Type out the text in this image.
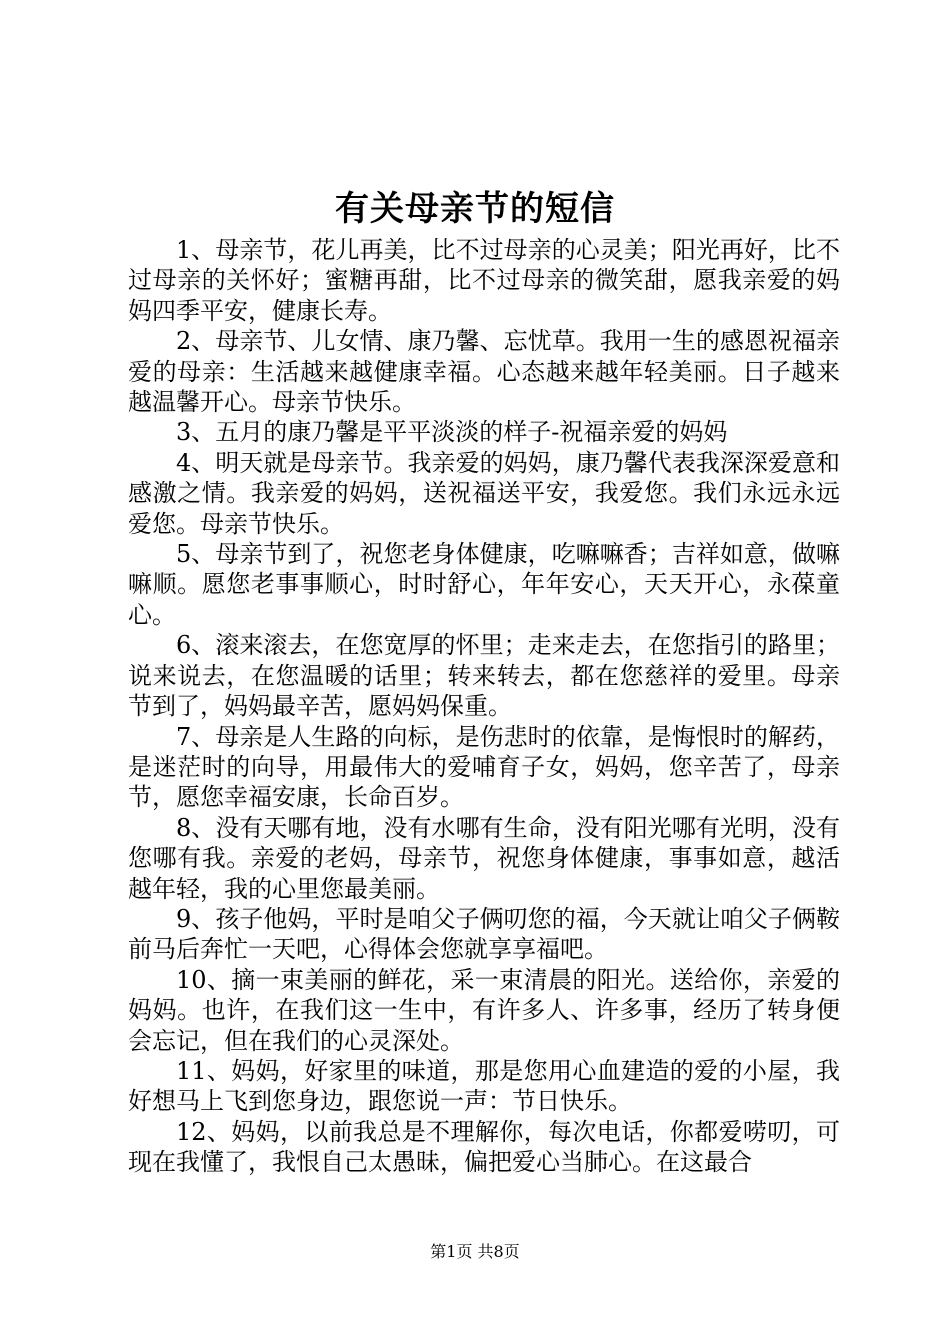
有关母亲节的短信

1、母亲节，花儿再美，比不过母亲的心灵美；阳光再好，比不过母亲的关怀好；蜜糖再甜，比不过母亲的微笑甜，愿我亲爱的妈妈四季平安，健康长寿。

2、母亲节、儿女情、康乃馨、忘忧草。我用一生的感恩祝福亲爱的母亲：生活越来越健康幸福。心态越来越年轻美丽。日子越来越温馨开心。母亲节快乐。

3、五月的康乃馨是平平淡淡的样子-祝福亲爱的妈妈

4、明天就是母亲节。我亲爱的妈妈，康乃馨代表我深深爱意和感激之情。我亲爱的妈妈，送祝福送平安，我爱您。我们永远永远爱您。母亲节快乐。

5、母亲节到了，祝您老身体健康，吃嘛嘛香；吉祥如意，做嘛嘛顺。愿您老事事顺心，时时舒心，年年安心，天天开心，永葆童心。

6、滚来滚去，在您宽厚的怀里；走来走去，在您指引的路里；说来说去，在您温暖的话里；转来转去，都在您慈祥的爱里。母亲节到了，妈妈最辛苦，愿妈妈保重。

7、母亲是人生路的向标，是伤悲时的依靠，是悔恨时的解药，是迷茫时的向导，用最伟大的爱哺育子女，妈妈，您辛苦了，母亲节，愿您幸福安康，长命百岁。

8、没有天哪有地，没有水哪有生命，没有阳光哪有光明，没有您哪有我。亲爱的老妈，母亲节，祝您身体健康，事事如意，越活越年轻，我的心里您最美丽。

9、孩子他妈，平时是咱父子俩叨您的福，今天就让咱父子俩鞍前马后奔忙一天吧，心得体会您就享享福吧。

10、摘一束美丽的鲜花，采一束清晨的阳光。送给你，亲爱的妈妈。也许，在我们这一生中，有许多人、许多事，经历了转身便会忘记，但在我们的心灵深处。

11、妈妈，好家里的味道，那是您用心血建造的爱的小屋，我好想马上飞到您身边，跟您说一声：节日快乐。

12、妈妈，以前我总是不理解你，每次电话，你都爱唠叨，可现在我懂了，我恨自己太愚昧，偏把爱心当肺心。在这最合

第1页 共8页
